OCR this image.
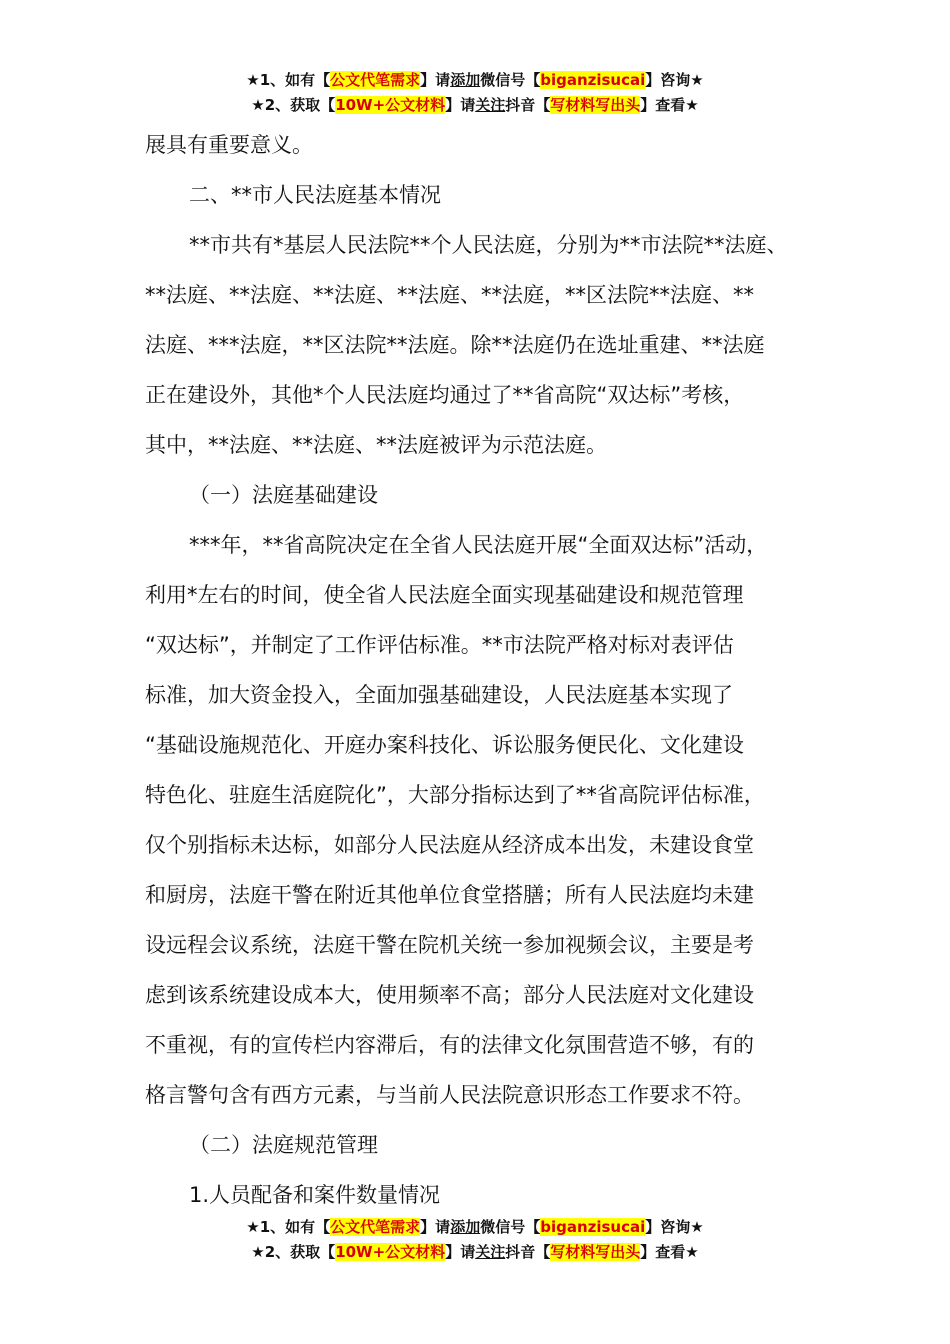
★1、如有【公文代笔需求】请添加微信号【biganzisucai】咨询★
★2、获取【10W+公文材料】请关注抖音【写材料写出头】查看★

展具有重要意义。

二、**市人民法庭基本情况

**市共有*基层人民法院**个人民法庭，分别为**市法院**法庭、

**法庭、**法庭、**法庭、**法庭、**法庭，**区法院**法庭、**

法庭、***法庭，**区法院**法庭。除**法庭仍在选址重建、**法庭

正在建设外，其他*个人民法庭均通过了**省高院“双达标”考核，

其中，**法庭、**法庭、**法庭被评为示范法庭。

（一）法庭基础建设

***年，**省高院决定在全省人民法庭开展“全面双达标”活动，

利用*左右的时间，使全省人民法庭全面实现基础建设和规范管理

“双达标”，并制定了工作评估标准。**市法院严格对标对表评估

标准，加大资金投入，全面加强基础建设，人民法庭基本实现了

“基础设施规范化、开庭办案科技化、诉讼服务便民化、文化建设

特色化、驻庭生活庭院化”，大部分指标达到了**省高院评估标准，

仅个别指标未达标，如部分人民法庭从经济成本出发，未建设食堂

和厨房，法庭干警在附近其他单位食堂搭膳；所有人民法庭均未建

设远程会议系统，法庭干警在院机关统一参加视频会议，主要是考

虑到该系统建设成本大，使用频率不高；部分人民法庭对文化建设

不重视，有的宣传栏内容滞后，有的法律文化氛围营造不够，有的

格言警句含有西方元素，与当前人民法院意识形态工作要求不符。

（二）法庭规范管理

1.人员配备和案件数量情况

★1、如有【公文代笔需求】请添加微信号【biganzisucai】咨询★
★2、获取【10W+公文材料】请关注抖音【写材料写出头】查看★
